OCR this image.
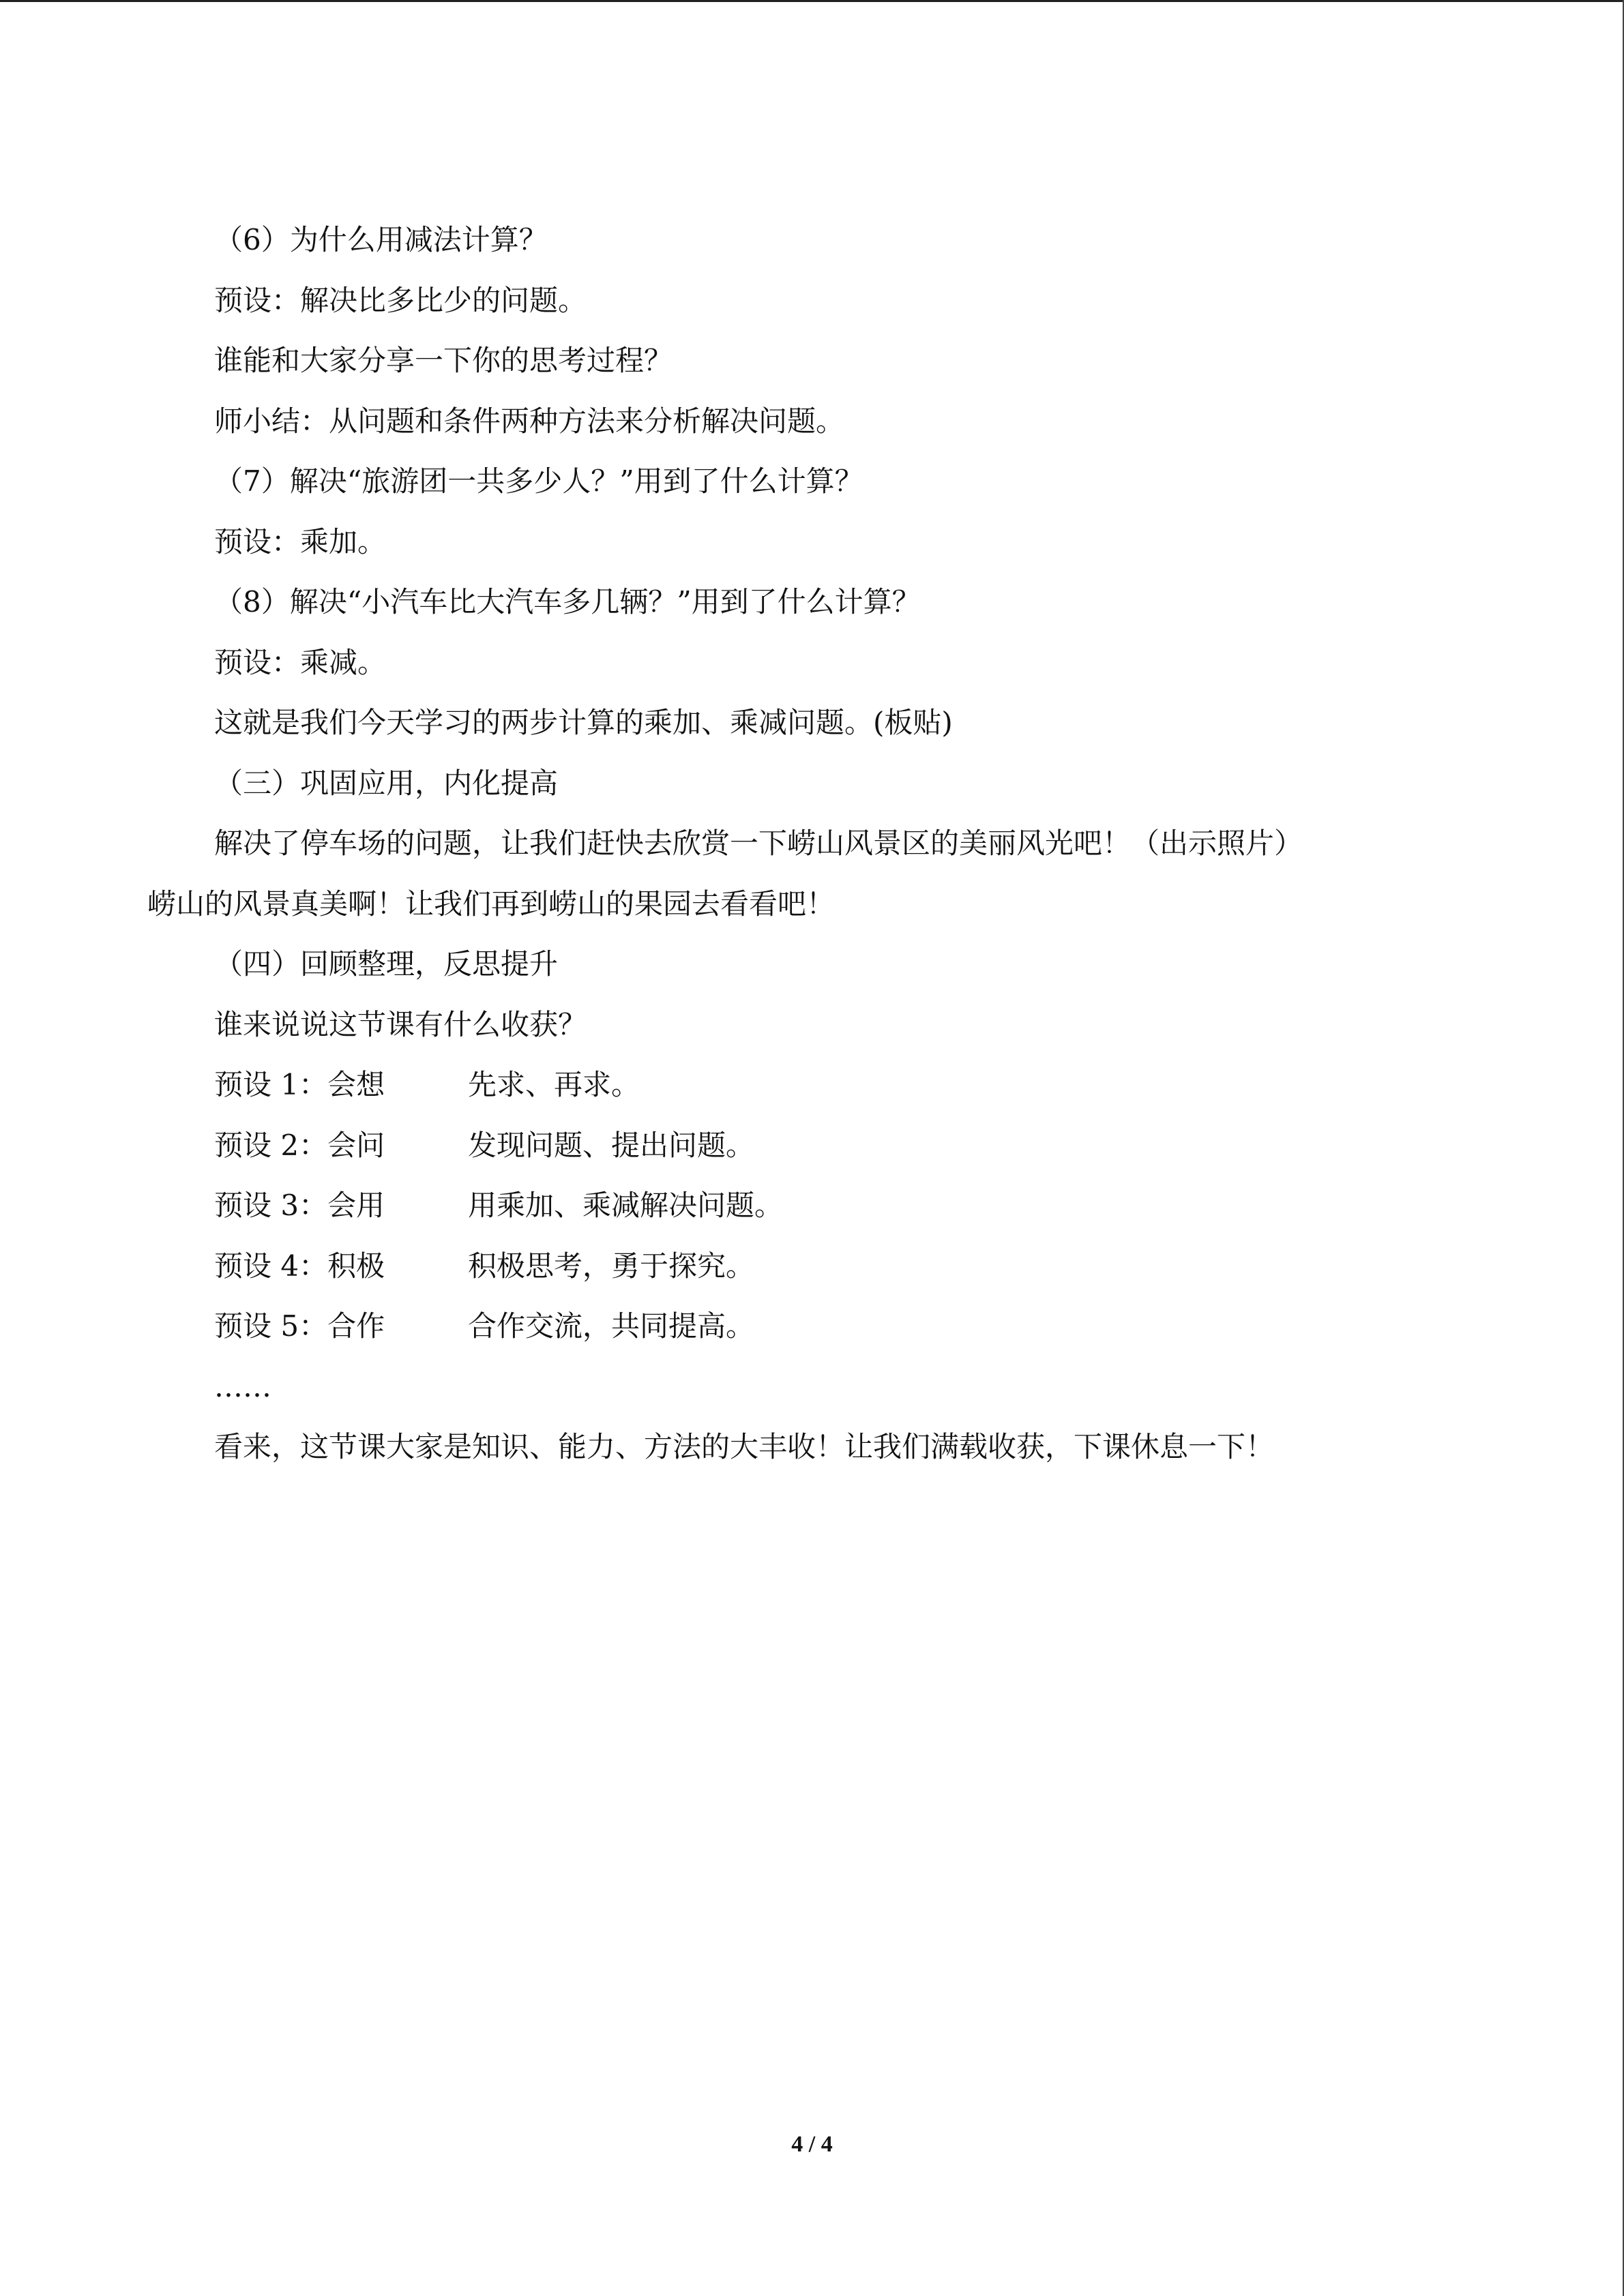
（6）为什么用减法计算？
预设：解决比多比少的问题。
谁能和大家分享一下你的思考过程？
师小结：从问题和条件两种方法来分析解决问题。
（7）解决“旅游团一共多少人？”用到了什么计算？
预设：乘加。
（8）解决“小汽车比大汽车多几辆？”用到了什么计算？
预设：乘减。
这就是我们今天学习的两步计算的乘加、乘减问题。(板贴)
（三）巩固应用，内化提高
解决了停车场的问题，让我们赶快去欣赏一下崂山风景区的美丽风光吧！（出示照片）
崂山的风景真美啊！让我们再到崂山的果园去看看吧！
（四）回顾整理，反思提升
谁来说说这节课有什么收获？
预设 1：会想	先求、再求。
预设 2：会问	发现问题、提出问题。
预设 3：会用	用乘加、乘减解决问题。
预设 4：积极	积极思考，勇于探究。
预设 5：合作	合作交流，共同提高。
……
看来，这节课大家是知识、能力、方法的大丰收！让我们满载收获，下课休息一下！
4 / 4
